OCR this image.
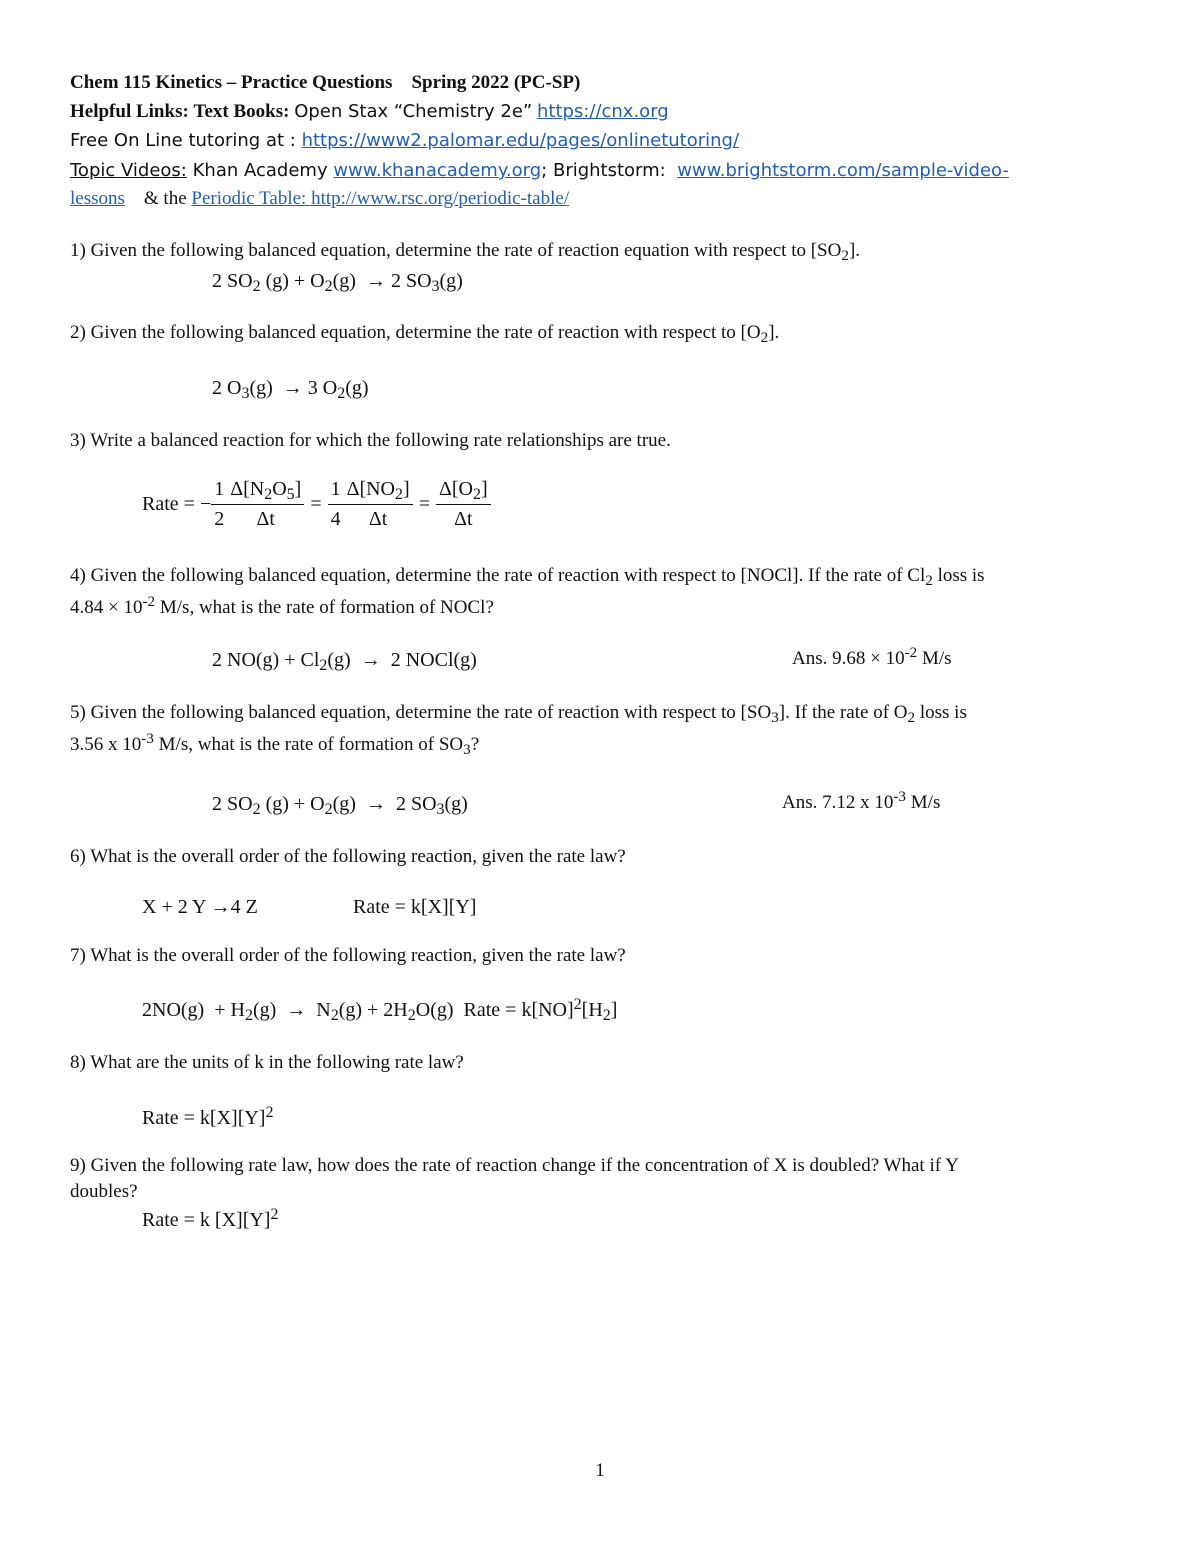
Chem 115 Kinetics – Practice Questions Spring 2022 (PC-SP)
Helpful Links: Text Books: Open Stax “Chemistry 2e” https://cnx.org
Free On Line tutoring at : https://www2.palomar.edu/pages/onlinetutoring/
Topic Videos: Khan Academy www.khanacademy.org; Brightstorm: www.brightstorm.com/sample-video-
lessons & the Periodic Table: http://www.rsc.org/periodic-table/
1) Given the following balanced equation, determine the rate of reaction equation with respect to $[SO_2]$.
2 $SO_2$ $(g) + O_2(g) \to 2$ $SO_3(g)$
2) Given the following balanced equation, determine the rate of reaction with respect to $[O_2]$.
2 $O_3(g) \to 3$ $O_2(g)$
3) Write a balanced reaction for which the following rate relationships are true.
Rate = − $\frac{1}{2} \frac{\Delta[N_2O_5]}{\Delta t} = \frac{1}{4} \frac{\Delta[NO_2]}{\Delta t} = \frac{\Delta[O_2]}{\Delta t}$
4) Given the following balanced equation, determine the rate of reaction with respect to [NOCl]. If the rate of $Cl_2$ loss is
$4.84 \times 10^{-2}$ M/s, what is the rate of formation of NOCl?
2 $NO(g) + Cl_2(g) \to 2$ NOCl(g)	Ans. $9.68 \times 10^{-2}$ M/s
5) Given the following balanced equation, determine the rate of reaction with respect to $[SO_3]$. If the rate of $O_2$ loss is
3.56 x $10^{-3}$ M/s, what is the rate of formation of $SO_3$?
2 $SO_2$ $(g) + O_2(g) \to 2$ $SO_3(g)$	Ans. 7.12 x $10^{-3}$ M/s
6) What is the overall order of the following reaction, given the rate law?
X + 2 Y →4 Z	Rate = k[X][Y]
7) What is the overall order of the following reaction, given the rate law?
$2NO(g) + H_2(g) \to N_2(g) + 2H_2O(g)$  Rate = $k[NO]^2[H_2]$
8) What are the units of k in the following rate law?
Rate = $k[X][Y]^2$
9) Given the following rate law, how does the rate of reaction change if the concentration of X is doubled? What if Y
doubles?
Rate = k $[X][Y]^2$
1
